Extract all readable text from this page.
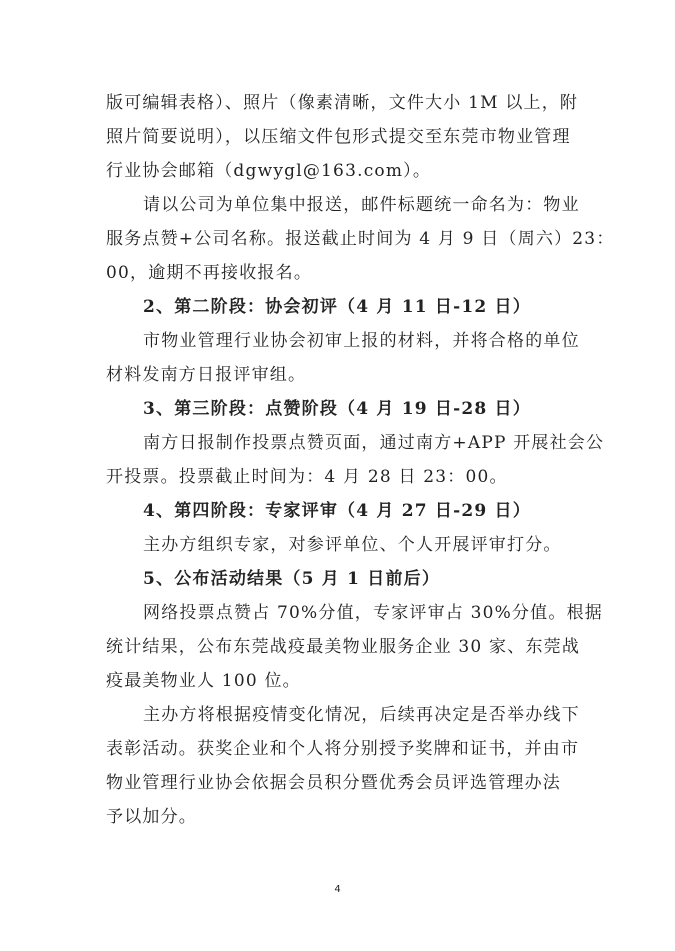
版可编辑表格）、照片（像素清晰，文件大小 1M 以上，附
照片简要说明），以压缩文件包形式提交至东莞市物业管理
行业协会邮箱（dgwygl@163.com）。
请以公司为单位集中报送，邮件标题统一命名为：物业
服务点赞+公司名称。报送截止时间为 4 月 9 日（周六）23：
00，逾期不再接收报名。
2、第二阶段：协会初评（4 月 11 日-12 日）
市物业管理行业协会初审上报的材料，并将合格的单位
材料发南方日报评审组。
3、第三阶段：点赞阶段（4 月 19 日-28 日）
南方日报制作投票点赞页面，通过南方+APP 开展社会公
开投票。投票截止时间为：4 月 28 日 23：00。
4、第四阶段：专家评审（4 月 27 日-29 日）
主办方组织专家，对参评单位、个人开展评审打分。
5、公布活动结果（5 月 1 日前后）
网络投票点赞占 70%分值，专家评审占 30%分值。根据
统计结果，公布东莞战疫最美物业服务企业 30 家、东莞战
疫最美物业人 100 位。
主办方将根据疫情变化情况，后续再决定是否举办线下
表彰活动。获奖企业和个人将分别授予奖牌和证书，并由市
物业管理行业协会依据会员积分暨优秀会员评选管理办法
予以加分。
4
